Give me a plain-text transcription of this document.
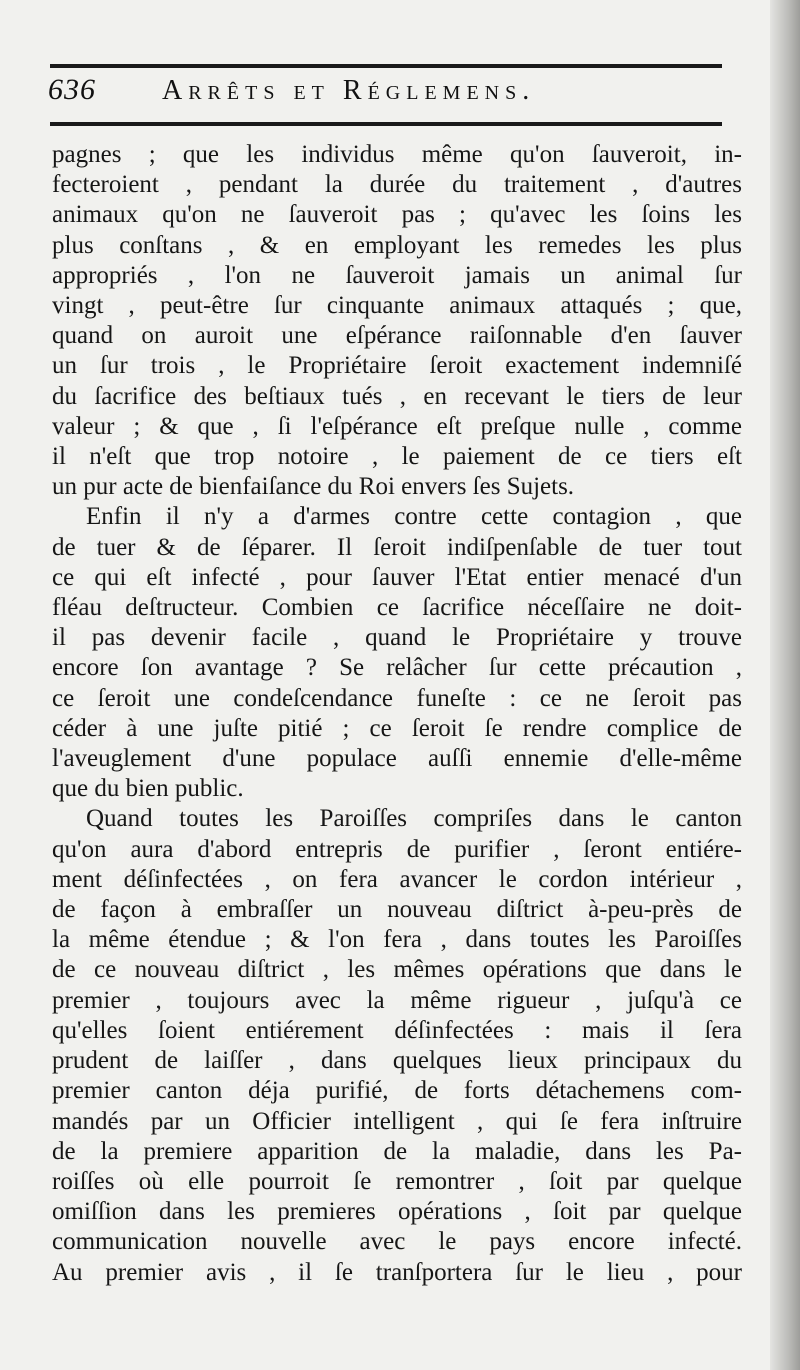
636 Arrêts et Réglemens.
pagnes ; que les individus même qu'on ſauveroit, in-
fecteroient , pendant la durée du traitement , d'autres
animaux qu'on ne ſauveroit pas ; qu'avec les ſoins les
plus conſtans , & en employant les remedes les plus
appropriés , l'on ne ſauveroit jamais un animal ſur
vingt , peut-être ſur cinquante animaux attaqués ; que,
quand on auroit une eſpérance raiſonnable d'en ſauver
un ſur trois , le Propriétaire ſeroit exactement indemniſé
du ſacrifice des beſtiaux tués , en recevant le tiers de leur
valeur ; & que , ſi l'eſpérance eſt preſque nulle , comme
il n'eſt que trop notoire , le paiement de ce tiers eſt
un pur acte de bienfaiſance du Roi envers ſes Sujets.
Enfin il n'y a d'armes contre cette contagion , que
de tuer & de ſéparer. Il ſeroit indiſpenſable de tuer tout
ce qui eſt infecté , pour ſauver l'Etat entier menacé d'un
fléau deſtructeur. Combien ce ſacrifice néceſſaire ne doit-
il pas devenir facile , quand le Propriétaire y trouve
encore ſon avantage ? Se relâcher ſur cette précaution ,
ce ſeroit une condeſcendance funeſte : ce ne ſeroit pas
céder à une juſte pitié ; ce ſeroit ſe rendre complice de
l'aveuglement d'une populace auſſi ennemie d'elle-même
que du bien public.
Quand toutes les Paroiſſes compriſes dans le canton
qu'on aura d'abord entrepris de purifier , ſeront entiére-
ment déſinfectées , on fera avancer le cordon intérieur ,
de façon à embraſſer un nouveau diſtrict à-peu-près de
la même étendue ; & l'on fera , dans toutes les Paroiſſes
de ce nouveau diſtrict , les mêmes opérations que dans le
premier , toujours avec la même rigueur , juſqu'à ce
qu'elles ſoient entiérement déſinfectées : mais il ſera
prudent de laiſſer , dans quelques lieux principaux du
premier canton déja purifié, de forts détachemens com-
mandés par un Officier intelligent , qui ſe fera inſtruire
de la premiere apparition de la maladie, dans les Pa-
roiſſes où elle pourroit ſe remontrer , ſoit par quelque
omiſſion dans les premieres opérations , ſoit par quelque
communication nouvelle avec le pays encore infecté.
Au premier avis , il ſe tranſportera ſur le lieu , pour
